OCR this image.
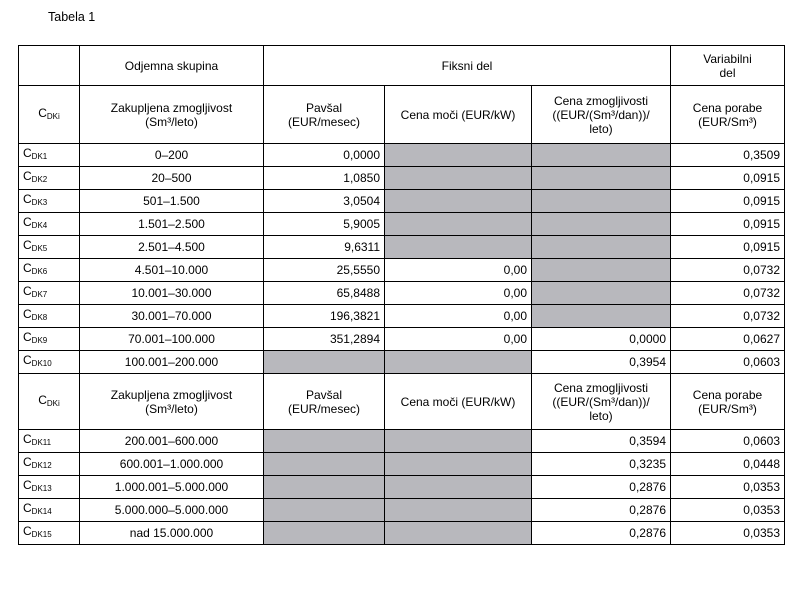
Tabela 1
	Odjemna skupina	Fiksni del			Variabilni del
$C_{DKi}$	Zakupljena zmogljivost (Sm³/leto)	Pavšal (EUR/mesec)	Cena moči (EUR/kW)	Cena zmogljivosti ((EUR/(Sm³/dan))/ leto)	Cena porabe (EUR/Sm³)
$C_{DK1}$	0–200	0,0000			0,3509
$C_{DK2}$	20–500	1,0850			0,0915
$C_{DK3}$	501–1.500	3,0504			0,0915
$C_{DK4}$	1.501–2.500	5,9005			0,0915
$C_{DK5}$	2.501–4.500	9,6311			0,0915
$C_{DK6}$	4.501–10.000	25,5550	0,00		0,0732
$C_{DK7}$	10.001–30.000	65,8488	0,00		0,0732
$C_{DK8}$	30.001–70.000	196,3821	0,00		0,0732
$C_{DK9}$	70.001–100.000	351,2894	0,00	0,0000	0,0627
$C_{DK10}$	100.001–200.000			0,3954	0,0603
$C_{DKi}$	Zakupljena zmogljivost (Sm³/leto)	Pavšal (EUR/mesec)	Cena moči (EUR/kW)	Cena zmogljivosti ((EUR/(Sm³/dan))/ leto)	Cena porabe (EUR/Sm³)
$C_{DK11}$	200.001–600.000			0,3594	0,0603
$C_{DK12}$	600.001–1.000.000			0,3235	0,0448
$C_{DK13}$	1.000.001–5.000.000			0,2876	0,0353
$C_{DK14}$	5.000.000–5.000.000			0,2876	0,0353
$C_{DK15}$	nad 15.000.000			0,2876	0,0353
